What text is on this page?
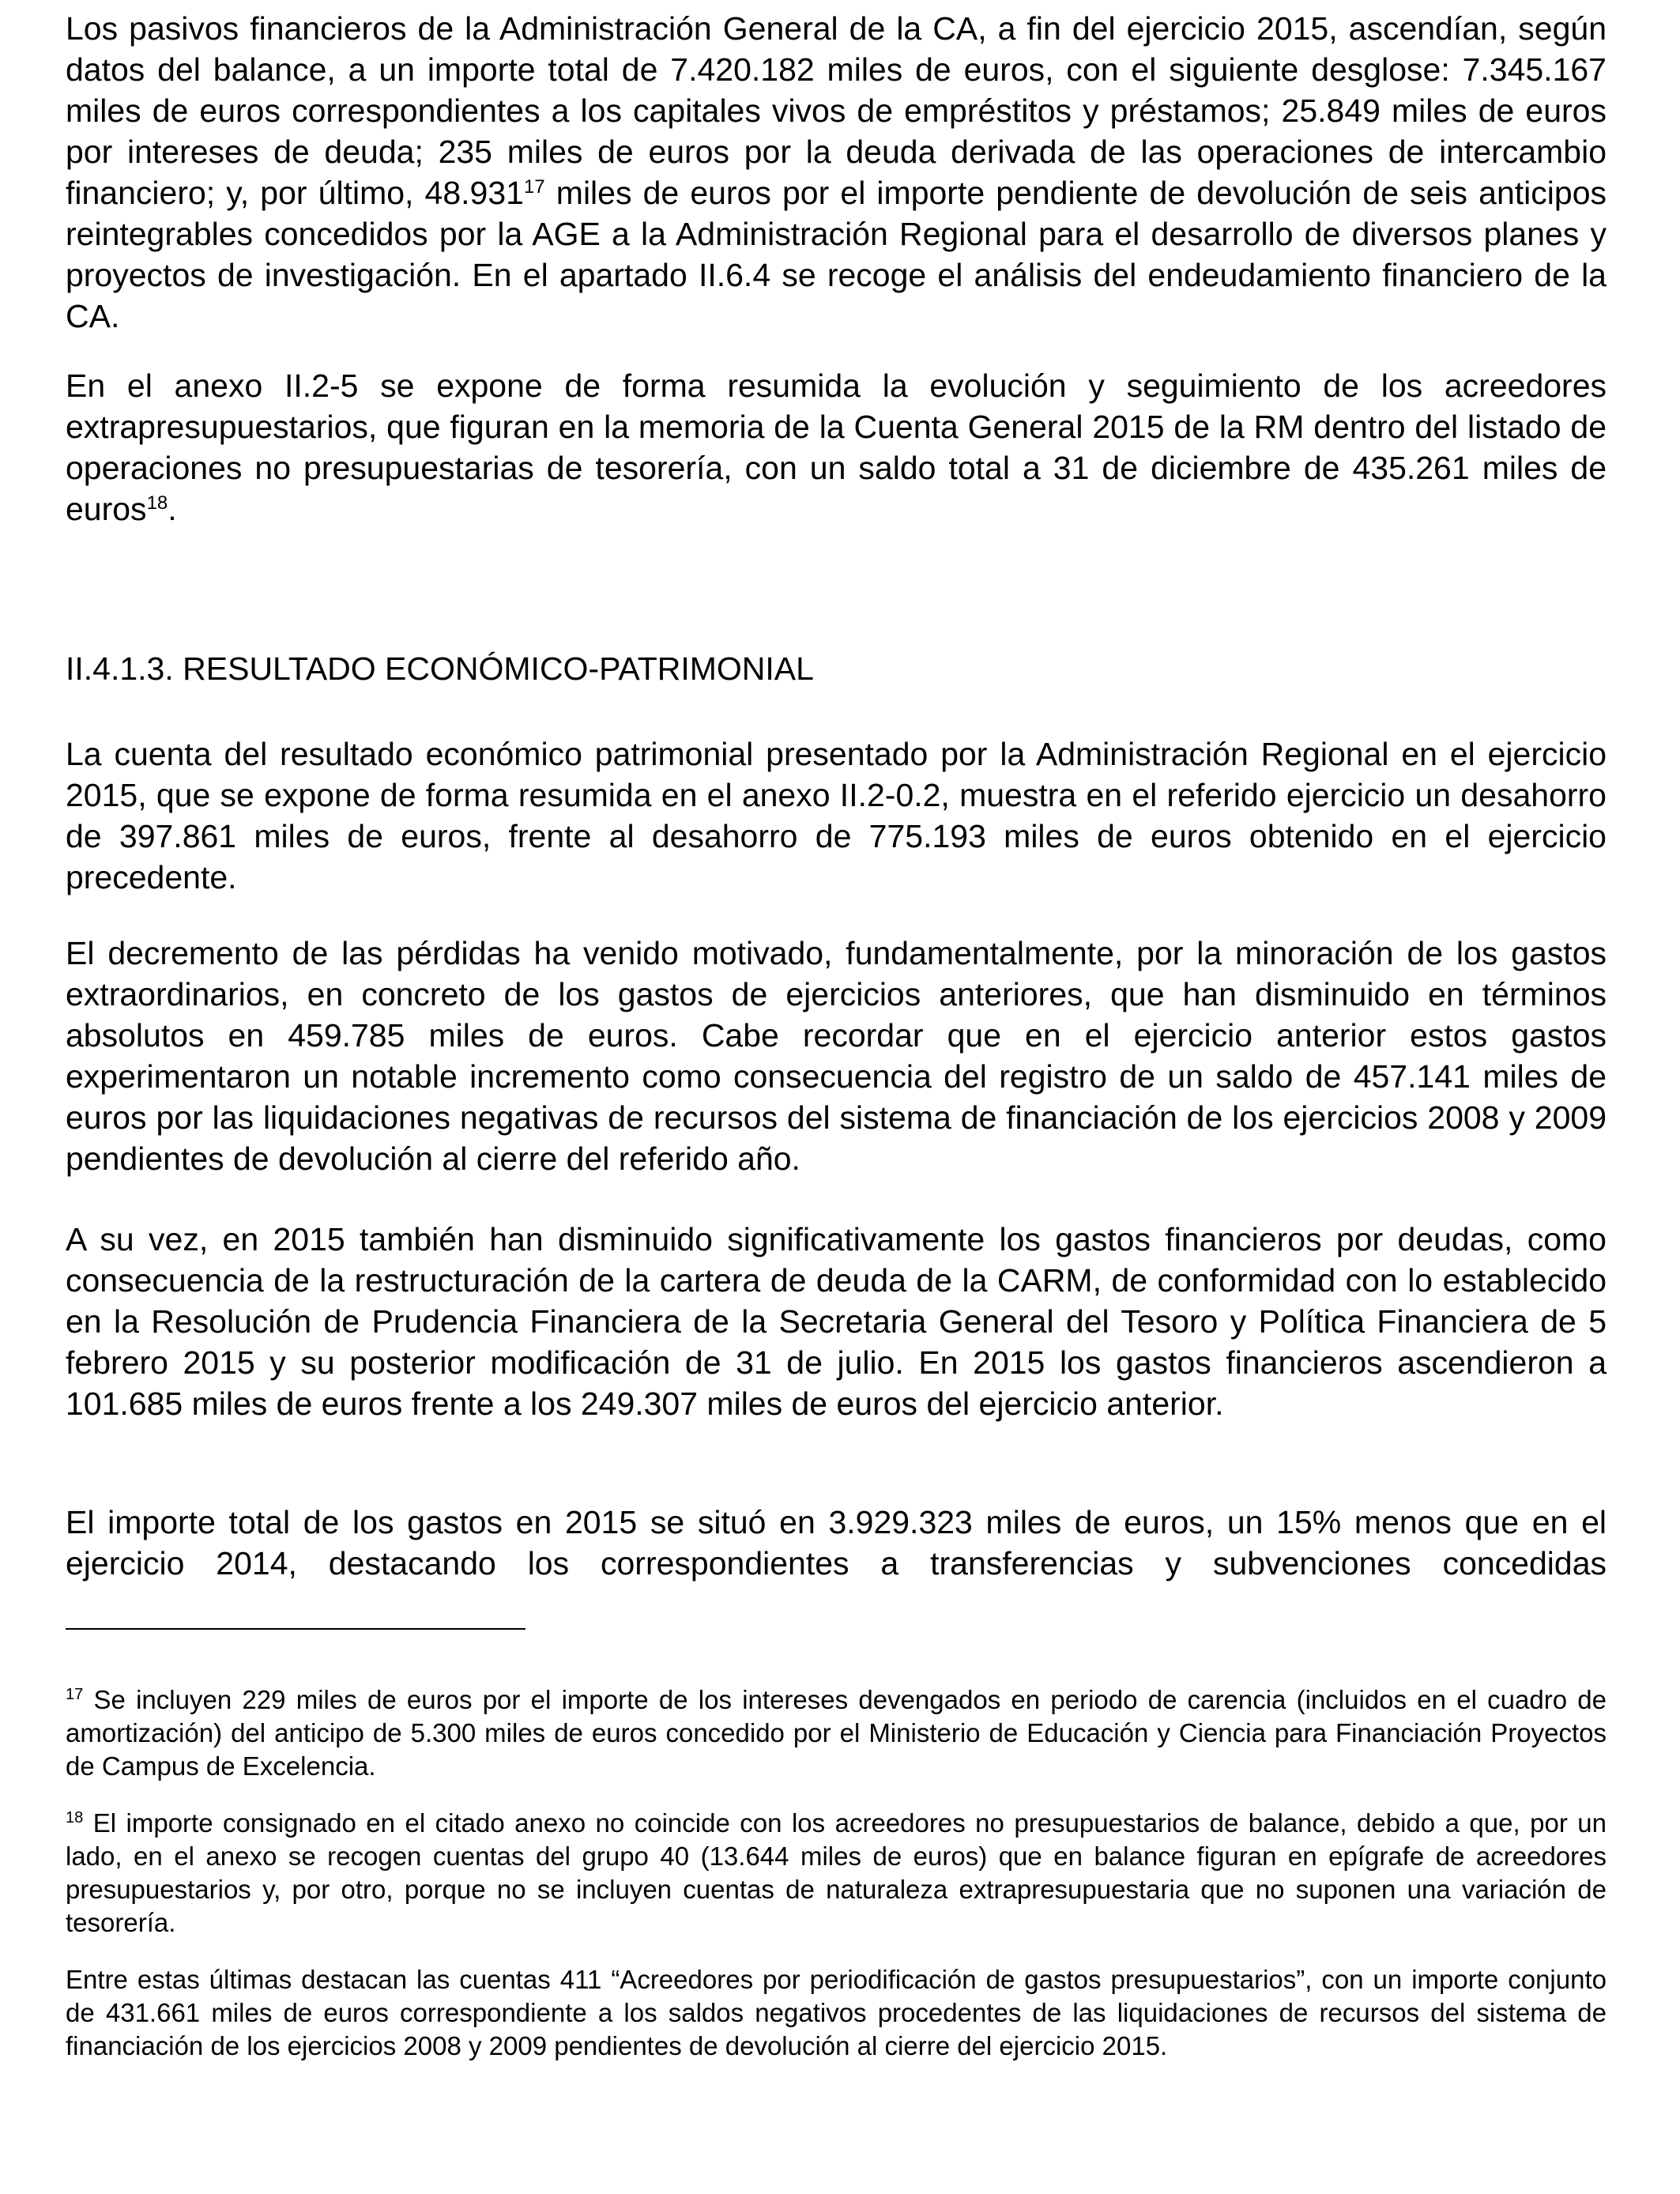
Los pasivos financieros de la Administración General de la CA, a fin del ejercicio 2015, ascendían, según datos del balance, a un importe total de 7.420.182 miles de euros, con el siguiente desglose: 7.345.167 miles de euros correspondientes a los capitales vivos de empréstitos y préstamos; 25.849 miles de euros por intereses de deuda; 235 miles de euros por la deuda derivada de las operaciones de intercambio financiero; y, por último, 48.931$^{17}$ miles de euros por el importe pendiente de devolución de seis anticipos reintegrables concedidos por la AGE a la Administración Regional para el desarrollo de diversos planes y proyectos de investigación. En el apartado II.6.4 se recoge el análisis del endeudamiento financiero de la CA.

En el anexo II.2-5 se expone de forma resumida la evolución y seguimiento de los acreedores extrapresupuestarios, que figuran en la memoria de la Cuenta General 2015 de la RM dentro del listado de operaciones no presupuestarias de tesorería, con un saldo total a 31 de diciembre de 435.261 miles de euros$^{18}$.

II.4.1.3. RESULTADO ECONÓMICO-PATRIMONIAL

La cuenta del resultado económico patrimonial presentado por la Administración Regional en el ejercicio 2015, que se expone de forma resumida en el anexo II.2-0.2, muestra en el referido ejercicio un desahorro de 397.861 miles de euros, frente al desahorro de 775.193 miles de euros obtenido en el ejercicio precedente.

El decremento de las pérdidas ha venido motivado, fundamentalmente, por la minoración de los gastos extraordinarios, en concreto de los gastos de ejercicios anteriores, que han disminuido en términos absolutos en 459.785 miles de euros. Cabe recordar que en el ejercicio anterior estos gastos experimentaron un notable incremento como consecuencia del registro de un saldo de 457.141 miles de euros por las liquidaciones negativas de recursos del sistema de financiación de los ejercicios 2008 y 2009 pendientes de devolución al cierre del referido año.

A su vez, en 2015 también han disminuido significativamente los gastos financieros por deudas, como consecuencia de la restructuración de la cartera de deuda de la CARM, de conformidad con lo establecido en la Resolución de Prudencia Financiera de la Secretaria General del Tesoro y Política Financiera de 5 febrero 2015 y su posterior modificación de 31 de julio. En 2015 los gastos financieros ascendieron a 101.685 miles de euros frente a los 249.307 miles de euros del ejercicio anterior.

El importe total de los gastos en 2015 se situó en 3.929.323 miles de euros, un 15% menos que en el ejercicio 2014, destacando los correspondientes a transferencias y subvenciones concedidas

$^{17}$ Se incluyen 229 miles de euros por el importe de los intereses devengados en periodo de carencia (incluidos en el cuadro de amortización) del anticipo de 5.300 miles de euros concedido por el Ministerio de Educación y Ciencia para Financiación Proyectos de Campus de Excelencia.

$^{18}$ El importe consignado en el citado anexo no coincide con los acreedores no presupuestarios de balance, debido a que, por un lado, en el anexo se recogen cuentas del grupo 40 (13.644 miles de euros) que en balance figuran en epígrafe de acreedores presupuestarios y, por otro, porque no se incluyen cuentas de naturaleza extrapresupuestaria que no suponen una variación de tesorería.

Entre estas últimas destacan las cuentas 411 “Acreedores por periodificación de gastos presupuestarios”, con un importe conjunto de 431.661 miles de euros correspondiente a los saldos negativos procedentes de las liquidaciones de recursos del sistema de financiación de los ejercicios 2008 y 2009 pendientes de devolución al cierre del ejercicio 2015.
